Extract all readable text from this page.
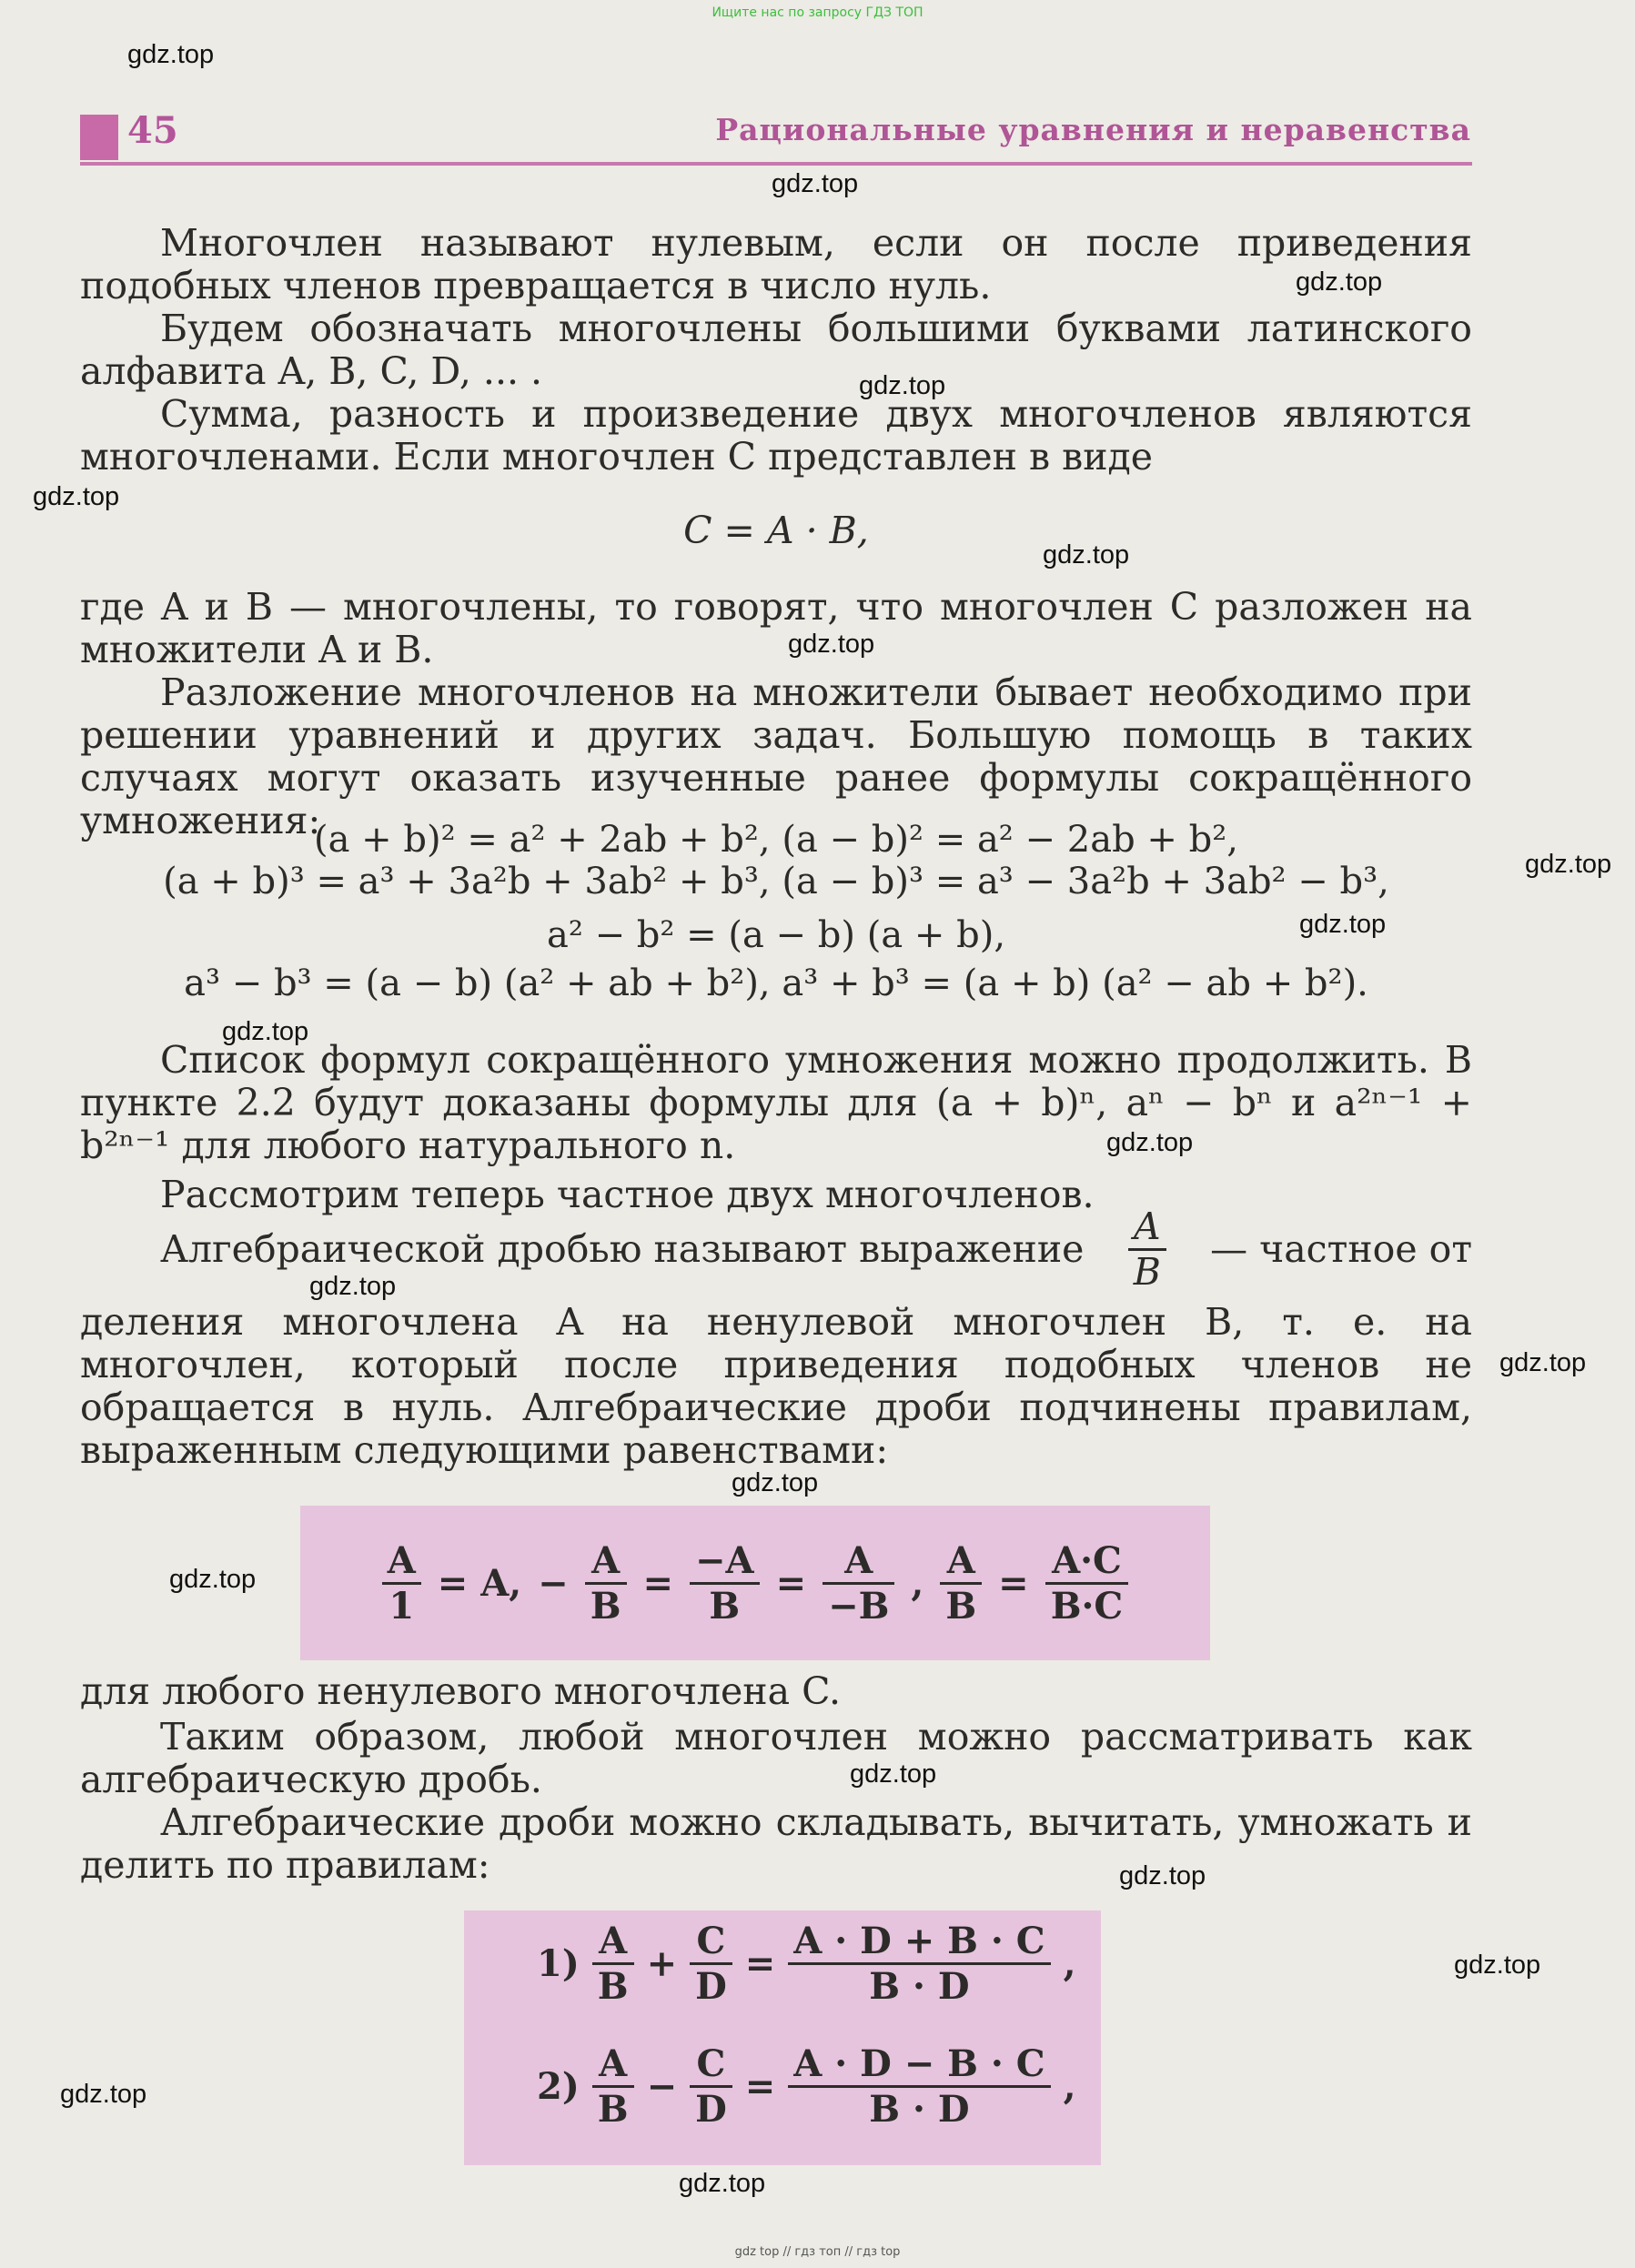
Ищите нас по запросу ГДЗ ТОП
45	Рациональные уравнения и неравенства
Многочлен называют нулевым, если он после приведения подобных членов превращается в число нуль.
Будем обозначать многочлены большими буквами латинского алфавита A, B, C, D, ... .
Сумма, разность и произведение двух многочленов являются многочленами. Если многочлен C представлен в виде
C = A · B,
где A и B — многочлены, то говорят, что многочлен C разложен на множители A и B.
Разложение многочленов на множители бывает необходимо при решении уравнений и других задач. Большую помощь в таких случаях могут оказать изученные ранее формулы сокращённого умножения:
(a + b)² = a² + 2ab + b², (a − b)² = a² − 2ab + b²,
(a + b)³ = a³ + 3a²b + 3ab² + b³, (a − b)³ = a³ − 3a²b + 3ab² − b³,
a² − b² = (a − b) (a + b),
a³ − b³ = (a − b) (a² + ab + b²), a³ + b³ = (a + b) (a² − ab + b²).
Список формул сокращённого умножения можно продолжить. В пункте 2.2 будут доказаны формулы для (a + b)ⁿ, aⁿ − bⁿ и a²ⁿ⁻¹ + b²ⁿ⁻¹ для любого натурального n.
Рассмотрим теперь частное двух многочленов.
Алгебраической дробью называют выражение $\frac{A}{B}$ — частное от
деления многочлена A на ненулевой многочлен B, т. е. на многочлен, который после приведения подобных членов не обращается в нуль. Алгебраические дроби подчинены правилам, выраженным следующими равенствами:
$\frac{A}{1} = A$, − $\frac{A}{B} = \frac{-A}{B} = \frac{A}{-B}$ , $\frac{A}{B} = \frac{A\cdot C}{B\cdot C}$
для любого ненулевого многочлена C.
Таким образом, любой многочлен можно рассматривать как алгебраическую дробь.
Алгебраические дроби можно складывать, вычитать, умножать и делить по правилам:
$1) \frac{A}{B} + \frac{C}{D} = \frac{A \cdot D + B \cdot C}{B \cdot D}$ ,
$2) \frac{A}{B} - \frac{C}{D} = \frac{A \cdot D - B \cdot C}{B \cdot D}$ ,
gdz.top
gdz.top
gdz.top
gdz.top
gdz.top
gdz.top
gdz.top
gdz.top
gdz.top
gdz.top
gdz.top
gdz.top
gdz.top
gdz.top
gdz.top
gdz.top
gdz.top
gdz.top
gdz.top
gdz.top
gdz top // гдз топ // гдз top
